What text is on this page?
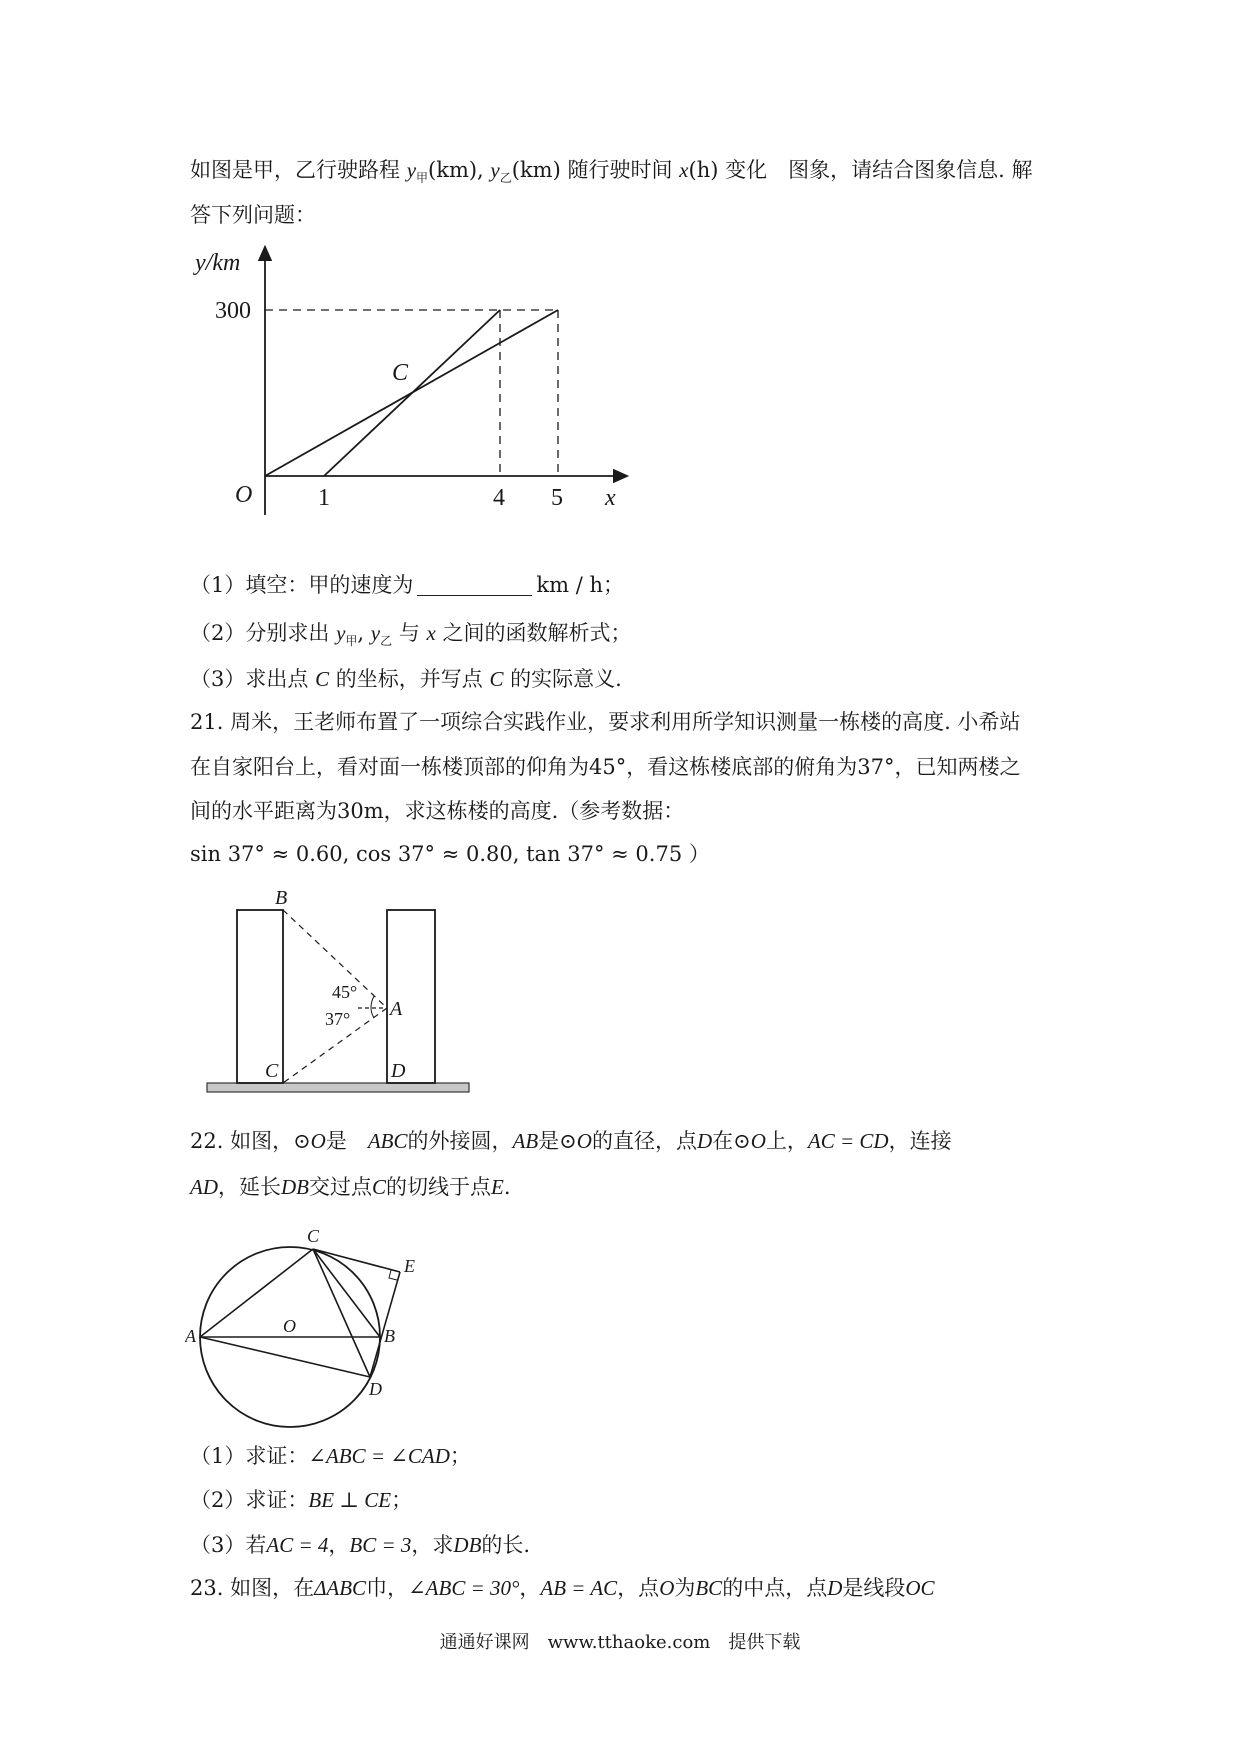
如图是甲，乙行驶路程 $y_甲(km)$, $y_乙(km)$ 随行驶时间 x(h) 变化　图象，请结合图象信息. 解
答下列问题：
y/km
300
C
O	1	4 5 x
（1）填空：甲的速度为	km / h；
（2）分别求出 $y_甲$, $y_乙$ 与 x 之间的函数解析式；
（3）求出点 C 的坐标，并写点 C 的实际意义.
21. 周米，王老师布置了一项综合实践作业，要求利用所学知识测量一栋楼的高度. 小希站
在自家阳台上，看对面一栋楼顶部的仰角为45°，看这栋楼底部的俯角为37°，已知两楼之
间的水平距离为30m，求这栋楼的高度.（参考数据：
sin 37° ≈ 0.60, cos 37° ≈ 0.80, tan 37° ≈ 0.75 ）
B
A
45°
37°
C	D
22. 如图，⊙O是　ABC的外接圆，AB是⊙O的直径，点D在⊙O上，AC = CD，连接
AD，延长DB交过点C的切线于点E.
C
E
A	O	B
D
（1）求证：∠ABC = ∠CAD；
（2）求证：BE ⊥ CE；
（3）若AC = 4，BC = 3，求DB的长.
23. 如图，在ΔABC巾，∠ABC = 30°，AB = AC，点O为BC的中点，点D是线段OC
通通好课网　www.tthaoke.com　提供下载
